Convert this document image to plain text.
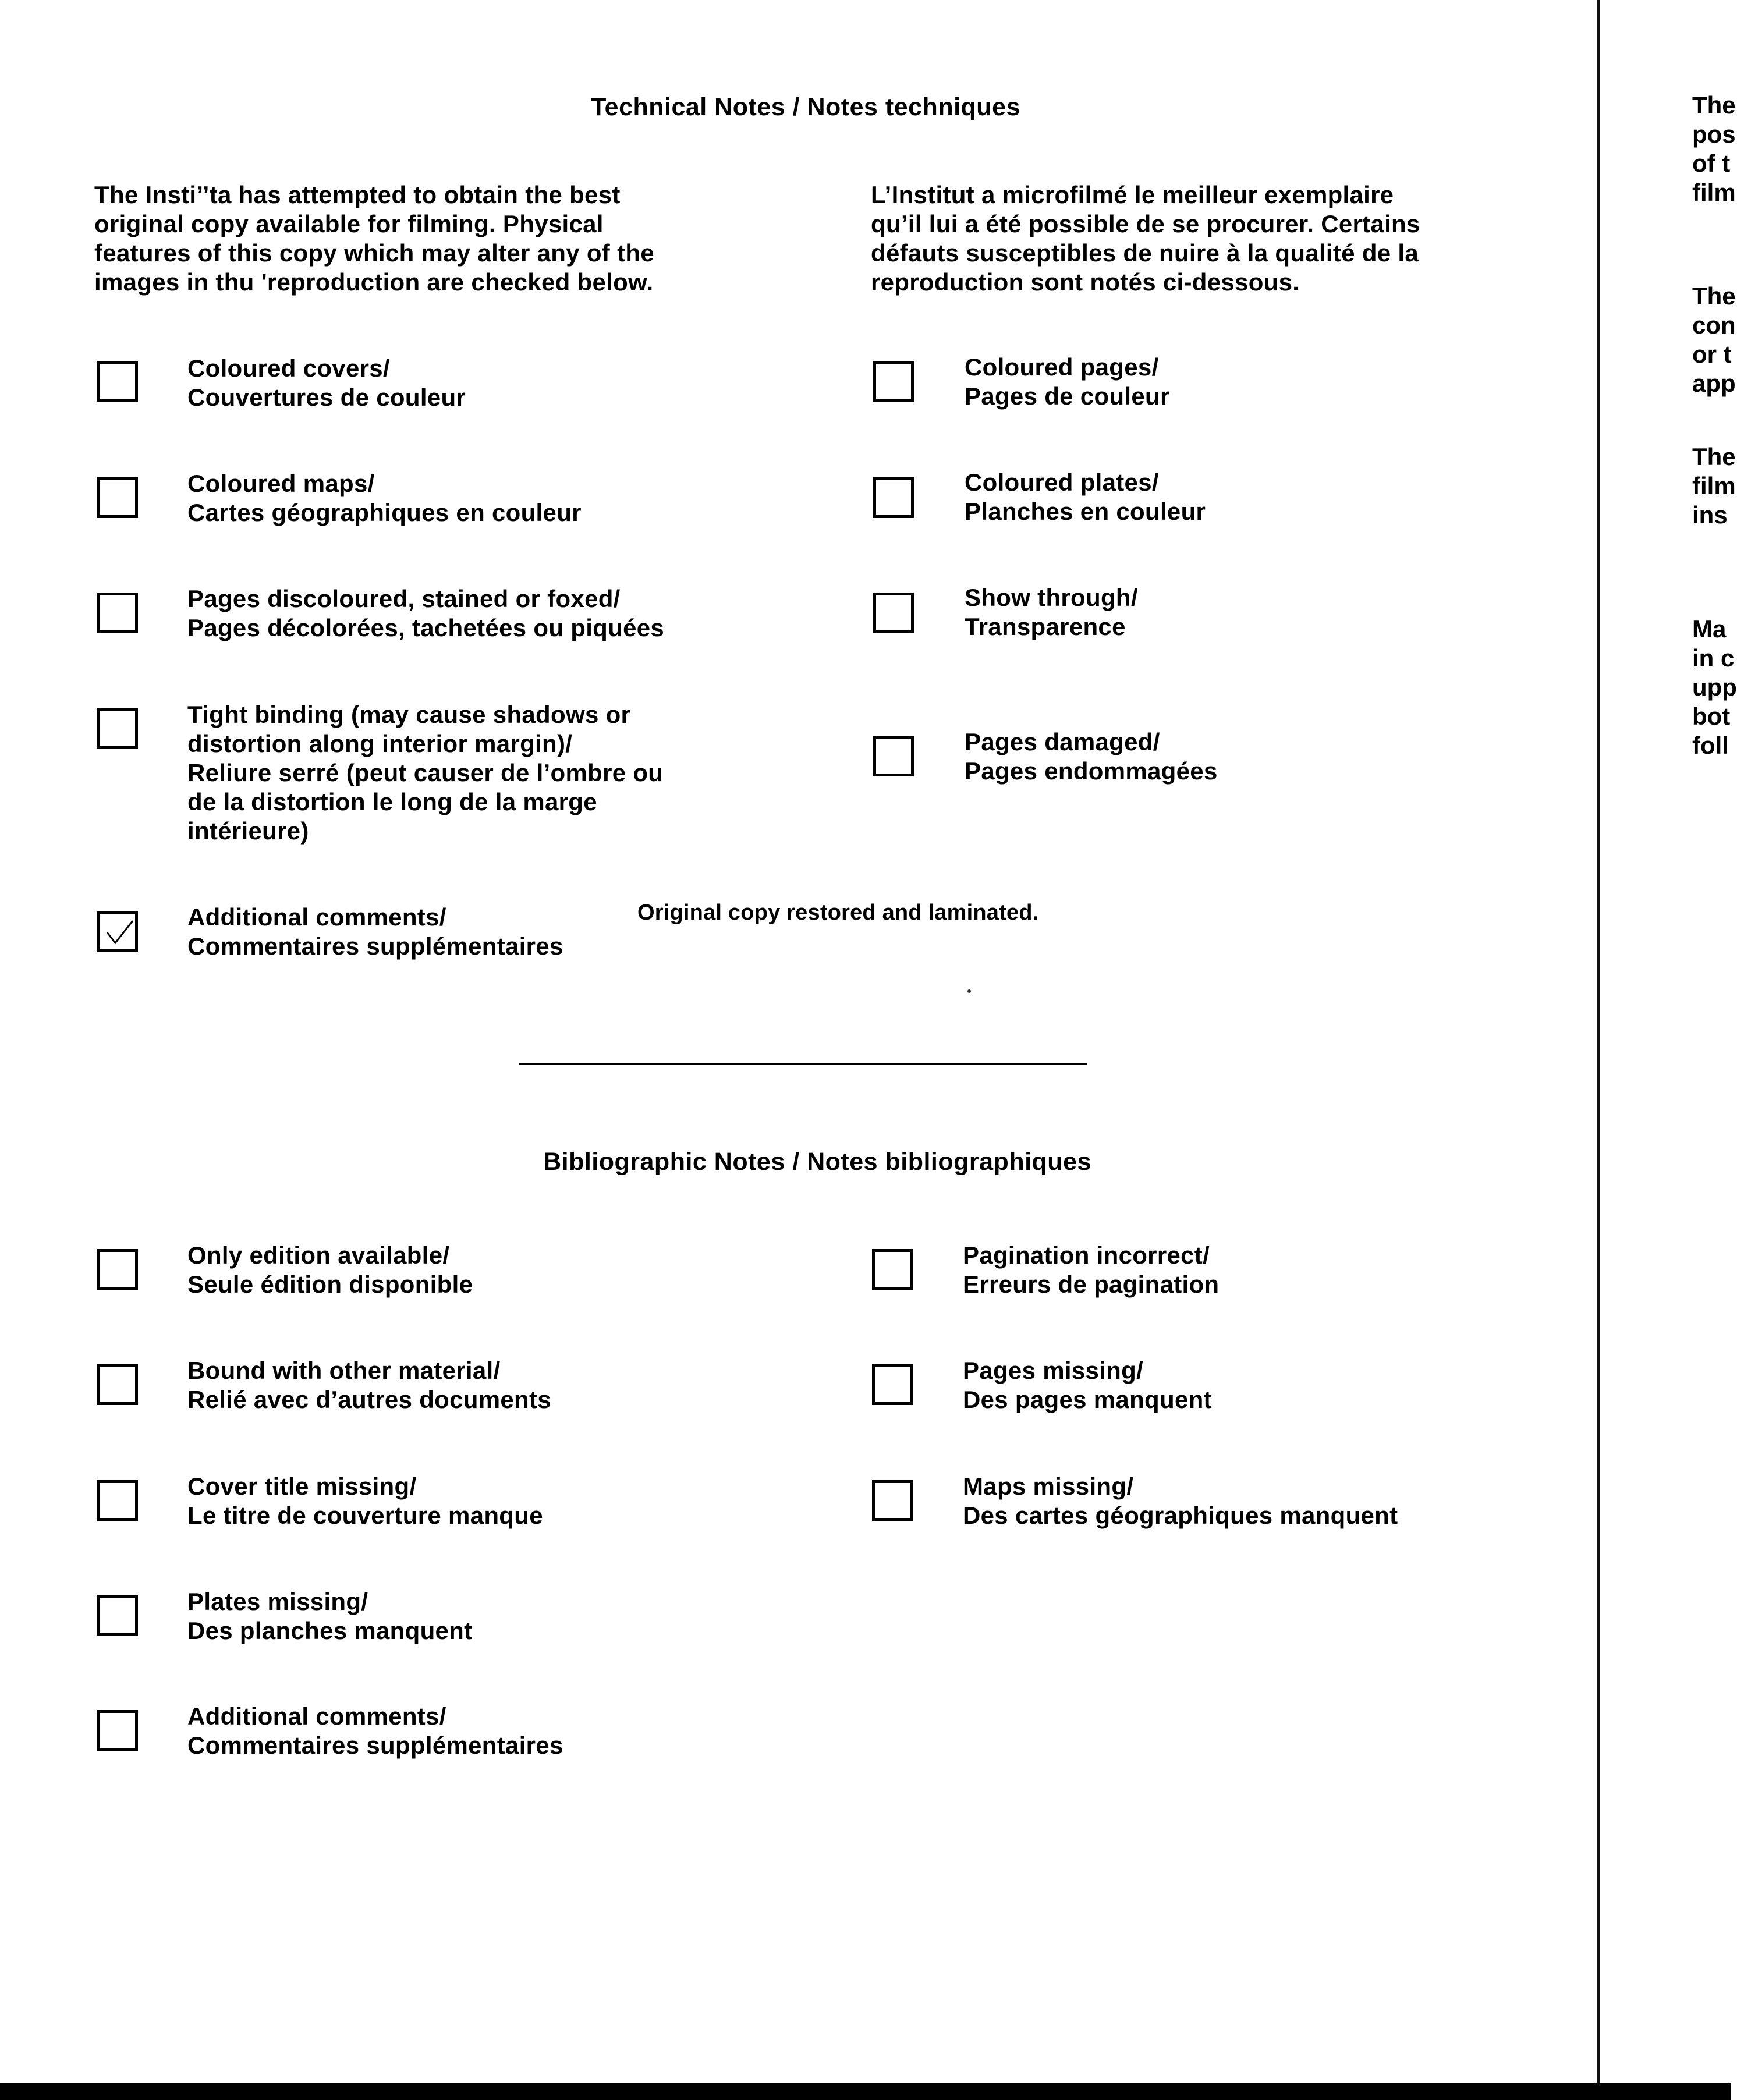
Technical Notes / Notes techniques
The Insti’’ta has attempted to obtain the best
original copy available for filming. Physical
features of this copy which may alter any of the
images in thu 'reproduction are checked below.
L’Institut a microfilmé le meilleur exemplaire
qu’il lui a été possible de se procurer. Certains
défauts susceptibles de nuire à la qualité de la
reproduction sont notés ci-dessous.
Coloured covers/
Couvertures de couleur
Coloured maps/
Cartes géographiques en couleur
Pages discoloured, stained or foxed/
Pages décolorées, tachetées ou piquées
Tight binding (may cause shadows or
distortion along interior margin)/
Reliure serré (peut causer de l’ombre ou
de la distortion le long de la marge
intérieure)
Additional comments/
Commentaires supplémentaires
Original copy restored and laminated.
Coloured pages/
Pages de couleur
Coloured plates/
Planches en couleur
Show through/
Transparence
Pages damaged/
Pages endommagées
Bibliographic Notes / Notes bibliographiques
Only edition available/
Seule édition disponible
Bound with other material/
Relié avec d’autres documents
Cover title missing/
Le titre de couverture manque
Plates missing/
Des planches manquent
Additional comments/
Commentaires supplémentaires
Pagination incorrect/
Erreurs de pagination
Pages missing/
Des pages manquent
Maps missing/
Des cartes géographiques manquent
The
pos
of t
film
The
con
or t
app
The
film
ins
Ma
in c
upp
bot
foll
